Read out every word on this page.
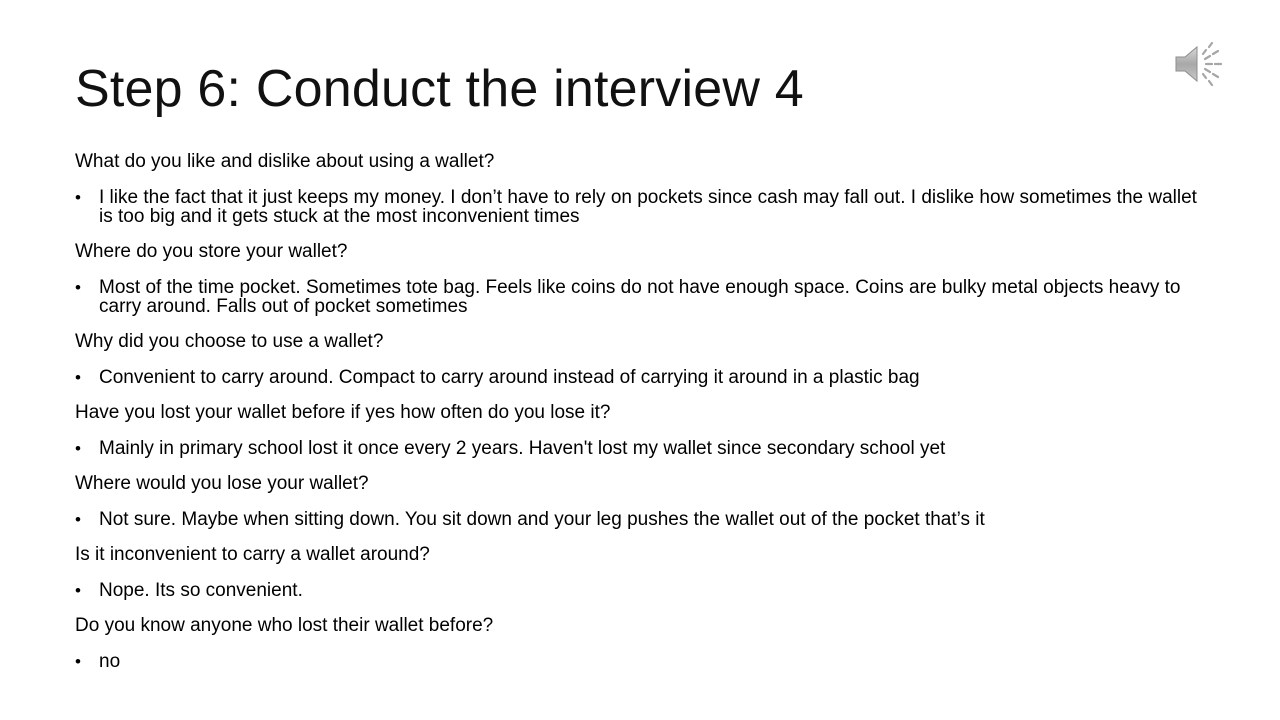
Step 6: Conduct the interview 4

What do you like and dislike about using a wallet?

• I like the fact that it just keeps my money. I don’t have to rely on pockets since cash may fall out. I dislike how sometimes the wallet is too big and it gets stuck at the most inconvenient times

Where do you store your wallet?

• Most of the time pocket. Sometimes tote bag. Feels like coins do not have enough space. Coins are bulky metal objects heavy to carry around. Falls out of pocket sometimes

Why did you choose to use a wallet?

• Convenient to carry around. Compact to carry around instead of carrying it around in a plastic bag

Have you lost your wallet before if yes how often do you lose it?

• Mainly in primary school lost it once every 2 years. Haven't lost my wallet since secondary school yet

Where would you lose your wallet?

• Not sure. Maybe when sitting down. You sit down and your leg pushes the wallet out of the pocket that’s it

Is it inconvenient to carry a wallet around?

• Nope. Its so convenient.

Do you know anyone who lost their wallet before?

• no
